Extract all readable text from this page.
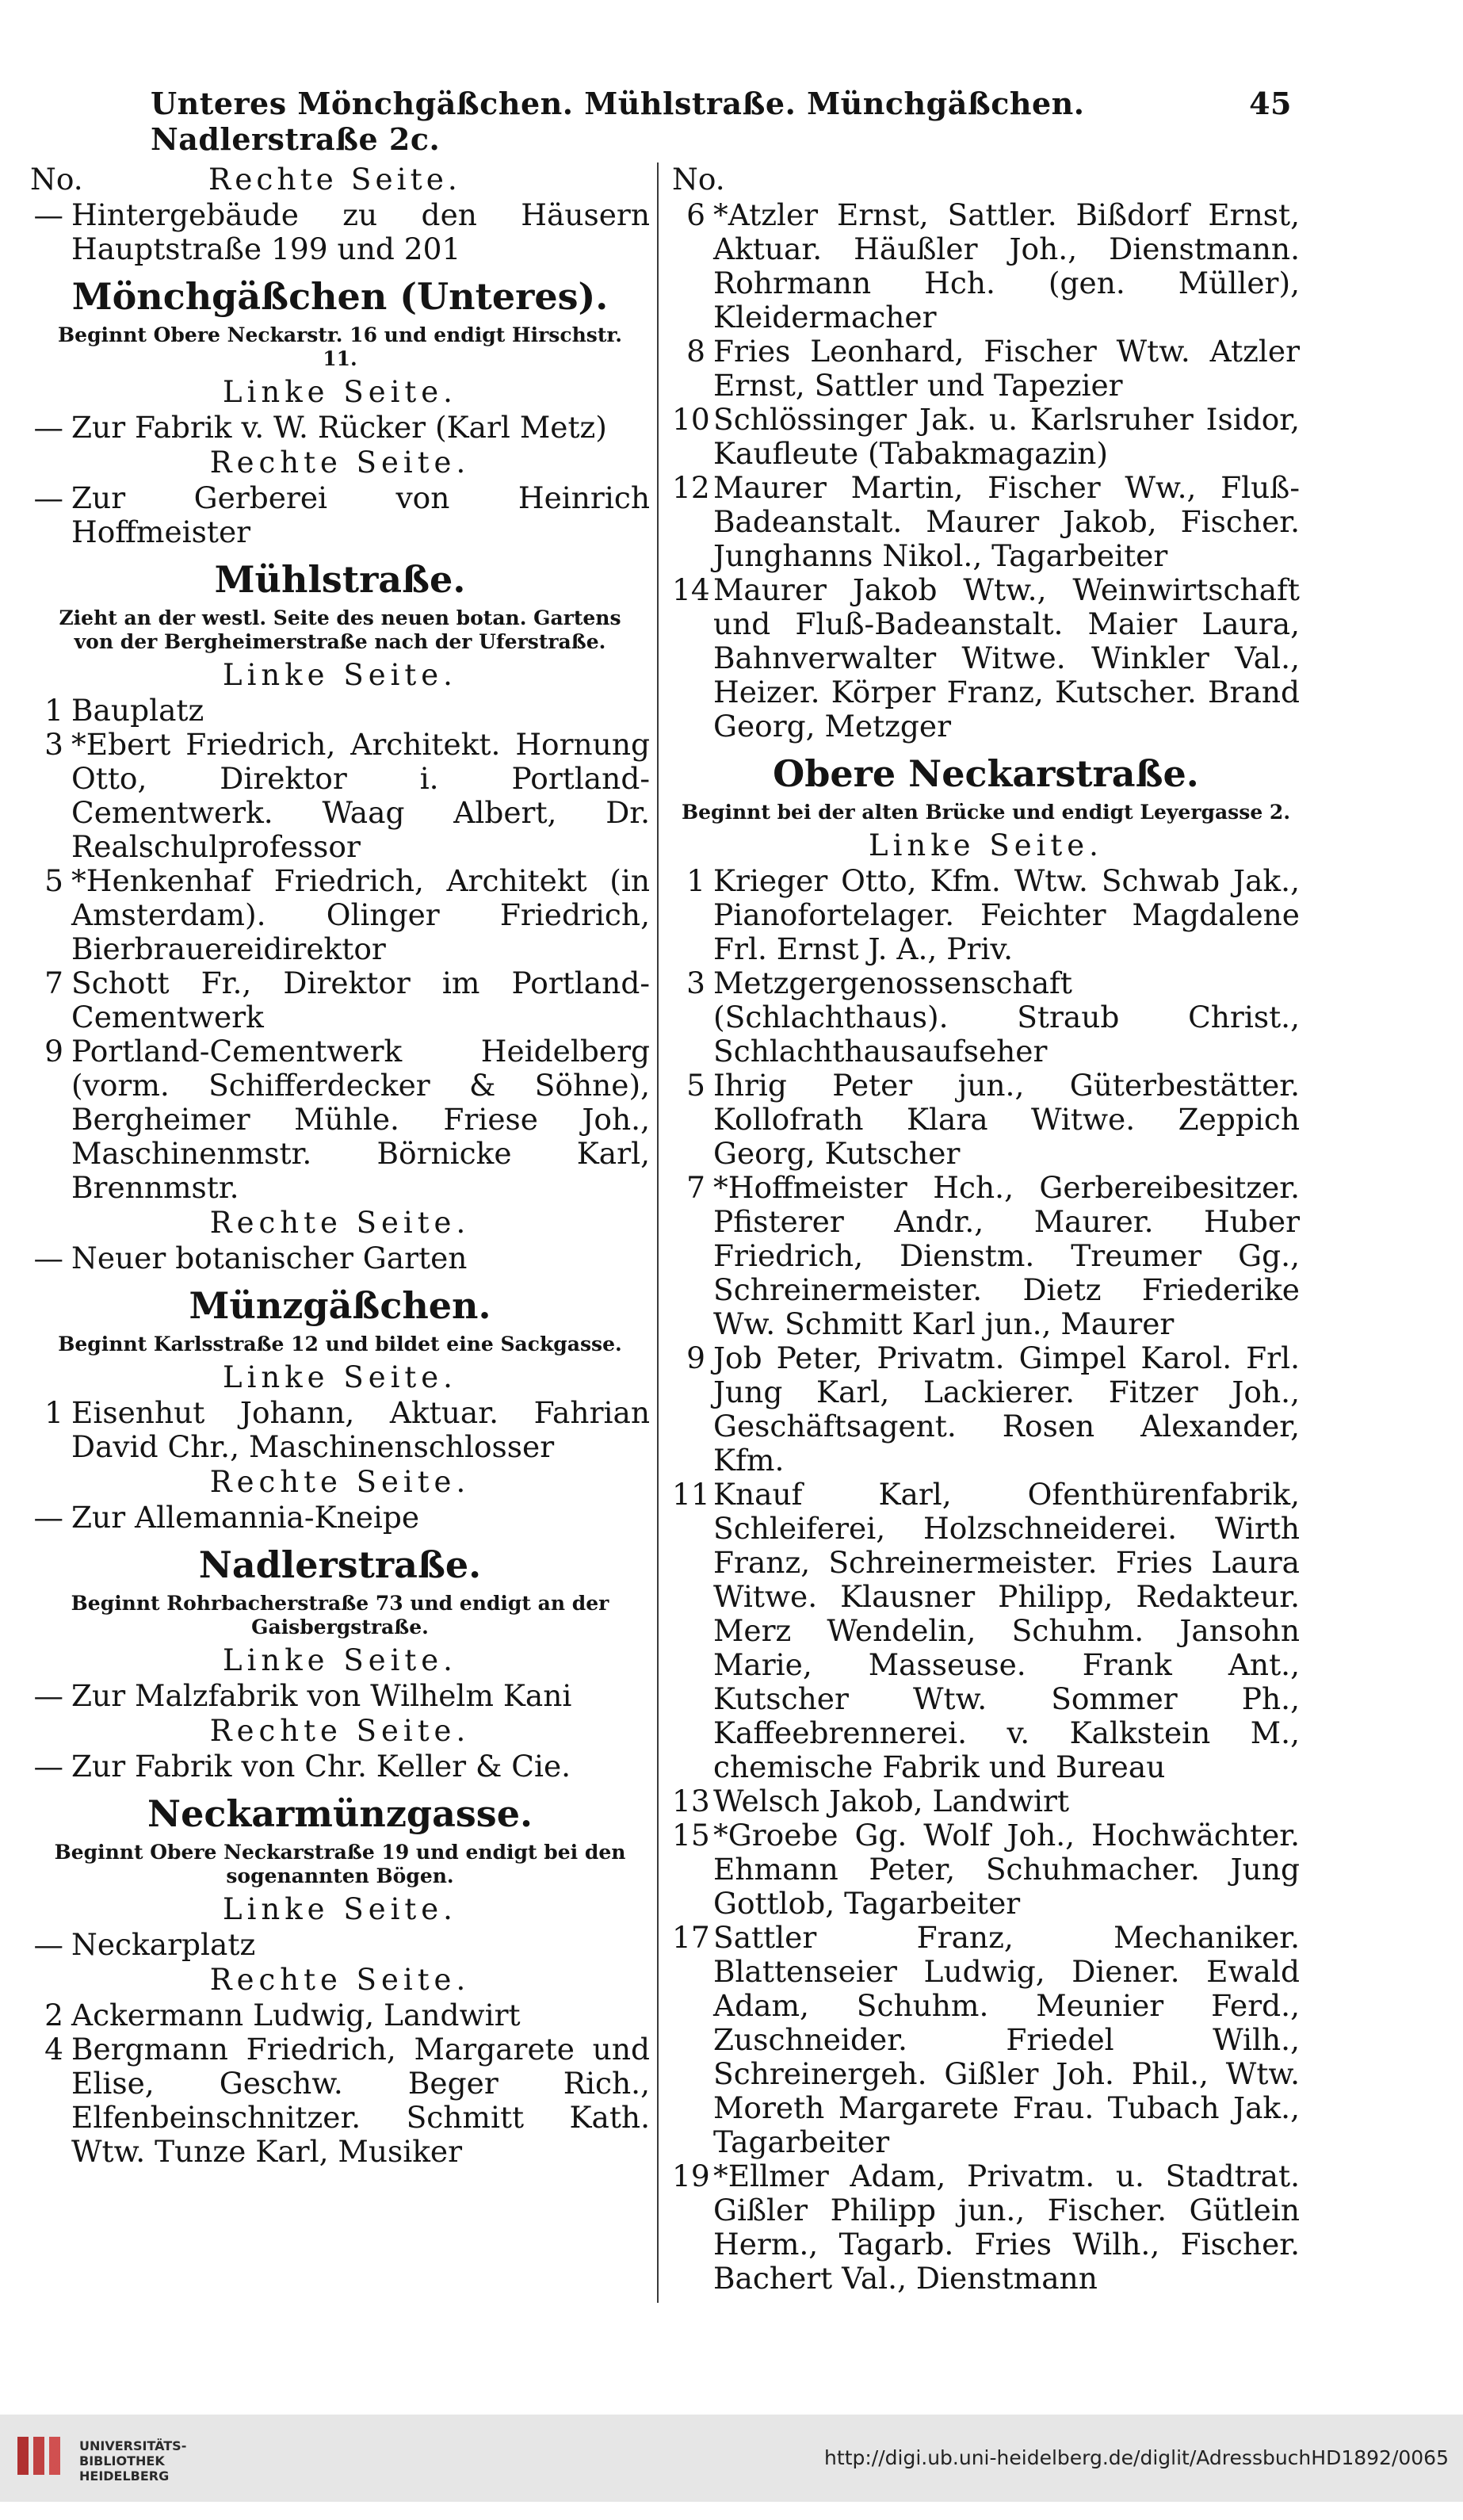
Unteres Mönchgäßchen. Mühlstraße. Münchgäßchen. Nadlerstraße 2c.
45
No.	Rechte Seite.
— Hintergebäude zu den Häusern Hauptstraße 199 und 201
Mönchgäßchen (Unteres).
Beginnt Obere Neckarstr. 16 und endigt Hirschstr. 11.
Linke Seite.
— Zur Fabrik v. W. Rücker (Karl Metz)
Rechte Seite.
— Zur Gerberei von Heinrich Hoffmeister
Mühlstraße.
Zieht an der westl. Seite des neuen botan. Gartens von der Bergheimerstraße nach der Uferstraße.
Linke Seite.
1 Bauplatz
3 *Ebert Friedrich, Architekt. Hornung Otto, Direktor i. Portland-Cementwerk. Waag Albert, Dr. Realschulprofessor
5 *Henkenhaf Friedrich, Architekt (in Amsterdam). Olinger Friedrich, Bierbrauereidirektor
7 Schott Fr., Direktor im Portland-Cementwerk
9 Portland-Cementwerk Heidelberg (vorm. Schifferdecker & Söhne), Bergheimer Mühle. Friese Joh., Maschinenmstr. Börnicke Karl, Brennmstr.
Rechte Seite.
— Neuer botanischer Garten
Münzgäßchen.
Beginnt Karlsstraße 12 und bildet eine Sackgasse.
Linke Seite.
1 Eisenhut Johann, Aktuar. Fahrian David Chr., Maschinenschlosser
Rechte Seite.
— Zur Allemannia-Kneipe
Nadlerstraße.
Beginnt Rohrbacherstraße 73 und endigt an der Gaisbergstraße.
Linke Seite.
— Zur Malzfabrik von Wilhelm Kani
Rechte Seite.
— Zur Fabrik von Chr. Keller & Cie.
Neckarmünzgasse.
Beginnt Obere Neckarstraße 19 und endigt bei den sogenannten Bögen.
Linke Seite.
— Neckarplatz
Rechte Seite.
2 Ackermann Ludwig, Landwirt
4 Bergmann Friedrich, Margarete und Elise, Geschw. Beger Rich., Elfenbeinschnitzer. Schmitt Kath. Wtw. Tunze Karl, Musiker
No.
6 *Atzler Ernst, Sattler. Bißdorf Ernst, Aktuar. Häußler Joh., Dienstmann. Rohrmann Hch. (gen. Müller), Kleidermacher
8 Fries Leonhard, Fischer Wtw. Atzler Ernst, Sattler und Tapezier
10 Schlössinger Jak. u. Karlsruher Isidor, Kaufleute (Tabakmagazin)
12 Maurer Martin, Fischer Ww., Fluß-Badeanstalt. Maurer Jakob, Fischer. Junghanns Nikol., Tagarbeiter
14 Maurer Jakob Wtw., Weinwirtschaft und Fluß-Badeanstalt. Maier Laura, Bahnverwalter Witwe. Winkler Val., Heizer. Körper Franz, Kutscher. Brand Georg, Metzger
Obere Neckarstraße.
Beginnt bei der alten Brücke und endigt Leyergasse 2.
Linke Seite.
1 Krieger Otto, Kfm. Wtw. Schwab Jak., Pianofortelager. Feichter Magdalene Frl. Ernst J. A., Priv.
3 Metzgergenossenschaft (Schlachthaus). Straub Christ., Schlachthausaufseher
5 Ihrig Peter jun., Güterbestätter. Kollofrath Klara Witwe. Zeppich Georg, Kutscher
7 *Hoffmeister Hch., Gerbereibesitzer. Pfisterer Andr., Maurer. Huber Friedrich, Dienstm. Treumer Gg., Schreinermeister. Dietz Friederike Ww. Schmitt Karl jun., Maurer
9 Job Peter, Privatm. Gimpel Karol. Frl. Jung Karl, Lackierer. Fitzer Joh., Geschäftsagent. Rosen Alexander, Kfm.
11 Knauf Karl, Ofenthürenfabrik, Schleiferei, Holzschneiderei. Wirth Franz, Schreinermeister. Fries Laura Witwe. Klausner Philipp, Redakteur. Merz Wendelin, Schuhm. Jansohn Marie, Masseuse. Frank Ant., Kutscher Wtw. Sommer Ph., Kaffeebrennerei. v. Kalkstein M., chemische Fabrik und Bureau
13 Welsch Jakob, Landwirt
15 *Groebe Gg. Wolf Joh., Hochwächter. Ehmann Peter, Schuhmacher. Jung Gottlob, Tagarbeiter
17 Sattler Franz, Mechaniker. Blattenseier Ludwig, Diener. Ewald Adam, Schuhm. Meunier Ferd., Zuschneider. Friedel Wilh., Schreinergeh. Gißler Joh. Phil., Wtw. Moreth Margarete Frau. Tubach Jak., Tagarbeiter
19 *Ellmer Adam, Privatm. u. Stadtrat. Gißler Philipp jun., Fischer. Gütlein Herm., Tagarb. Fries Wilh., Fischer. Bachert Val., Dienstmann
UNIVERSITÄTS-
BIBLIOTHEK
HEIDELBERG
http://digi.ub.uni-heidelberg.de/diglit/AdressbuchHD1892/0065
